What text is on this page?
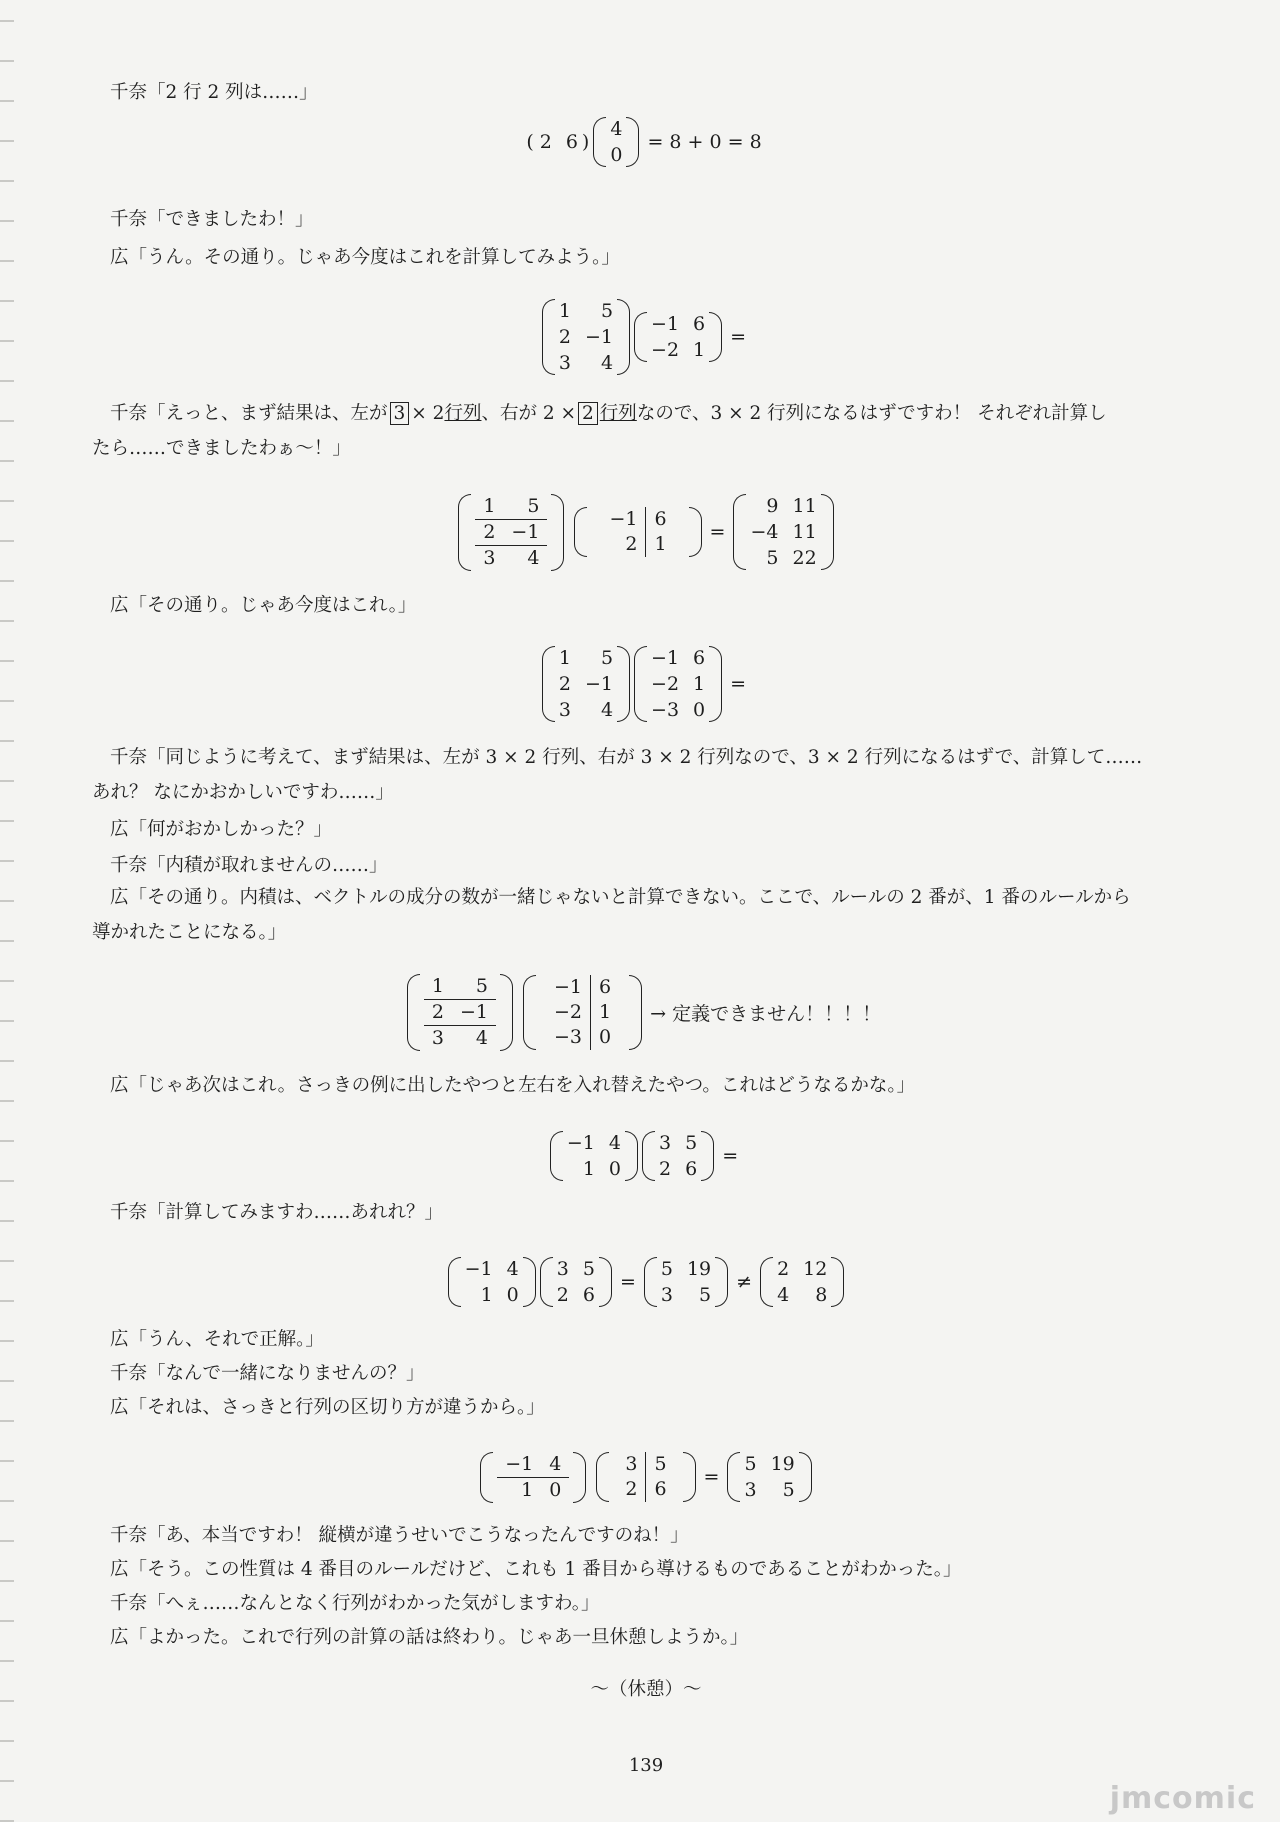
千奈「2 行 2 列は……」

( 2 6 )
4
0
= 8 + 0 = 8

千奈「できましたわ！」

広「うん。その通り。じゃあ今度はこれを計算してみよう。」

1	5
2 −1
3	4
−1 6
−2 1
=

千奈「えっと、まず結果は、左が 3 × 2行列、右が 2 × 2 行列なので、3 × 2 行列になるはずですわ！ それぞれ計算し
たら……できましたわぁ〜！」

1	5
2	−1
3	4
−1	6
2	1
=
9 11
−4 11
5 22

広「その通り。じゃあ今度はこれ。」

1	5
2 −1
3	4
−1 6
−2 1
−3 0
=

千奈「同じように考えて、まず結果は、左が 3 × 2 行列、右が 3 × 2 行列なので、3 × 2 行列になるはずで、計算して……
あれ？ なにかおかしいですわ……」

広「何がおかしかった？」

千奈「内積が取れませんの……」

広「その通り。内積は、ベクトルの成分の数が一緒じゃないと計算できない。ここで、ルールの 2 番が、1 番のルールから
導かれたことになる。」

1	5
2	−1
3	4
−1	6
−2	1
−3	0
→ 定義できません！！！！

広「じゃあ次はこれ。さっきの例に出したやつと左右を入れ替えたやつ。これはどうなるかな。」

−1 4
1 0
3 5
2 6
=

千奈「計算してみますわ……あれれ？」

−1 4
1 0
3 5
2 6
=
5 19
3	5
≠
2 12
4	8

広「うん、それで正解。」

千奈「なんで一緒になりませんの？」

広「それは、さっきと行列の区切り方が違うから。」

−1	4
1	0
3	5
2	6
=
5 19
3	5

千奈「あ、本当ですわ！ 縦横が違うせいでこうなったんですのね！」

広「そう。この性質は 4 番目のルールだけど、これも 1 番目から導けるものであることがわかった。」

千奈「へぇ……なんとなく行列がわかった気がしますわ。」

広「よかった。これで行列の計算の話は終わり。じゃあ一旦休憩しようか。」

〜（休憩）〜

139
jmcomic
